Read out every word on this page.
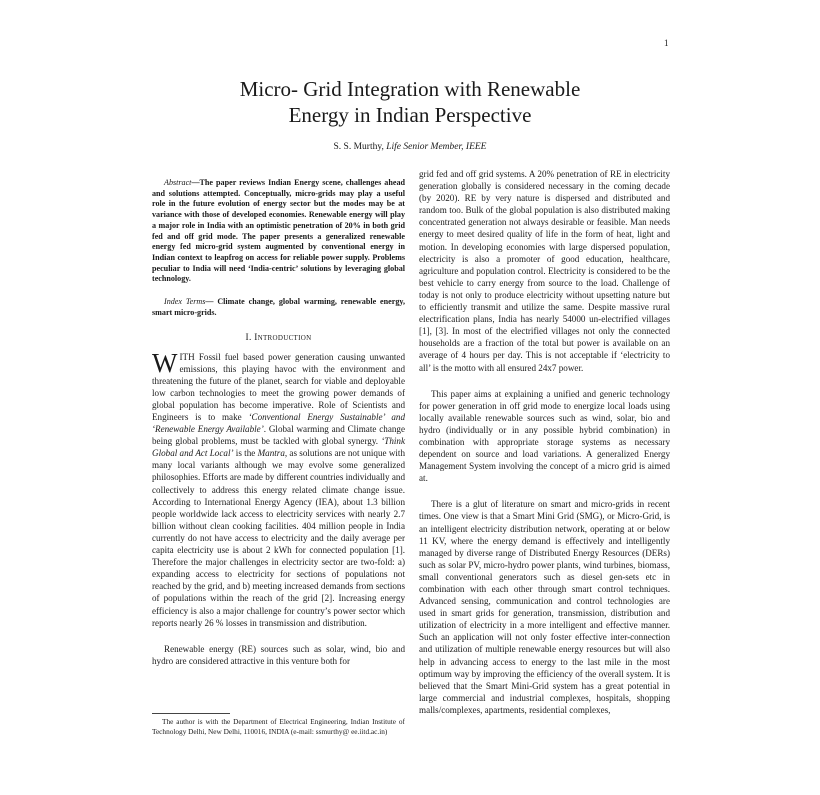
1
Micro- Grid Integration with Renewable
Energy in Indian Perspective
S. S. Murthy, Life Senior Member, IEEE

Abstract—The paper reviews Indian Energy scene, challenges ahead and solutions attempted. Conceptually, micro-grids may play a useful role in the future evolution of energy sector but the modes may be at variance with those of developed economies. Renewable energy will play a major role in India with an optimistic penetration of 20% in both grid fed and off grid mode. The paper presents a generalized renewable energy fed micro-grid system augmented by conventional energy in Indian context to leapfrog on access for reliable power supply. Problems peculiar to India will need ‘India-centric’ solutions by leveraging global technology.

Index Terms— Climate change, global warming, renewable energy, smart micro-grids.

I. Introduction

WITH Fossil fuel based power generation causing unwanted emissions, this playing havoc with the environment and threatening the future of the planet, search for viable and deployable low carbon technologies to meet the growing power demands of global population has become imperative. Role of Scientists and Engineers is to make ‘Conventional Energy Sustainable’ and ‘Renewable Energy Available’. Global warming and Climate change being global problems, must be tackled with global synergy. ‘Think Global and Act Local’ is the Mantra, as solutions are not unique with many local variants although we may evolve some generalized philosophies. Efforts are made by different countries individually and collectively to address this energy related climate change issue. According to International Energy Agency (IEA), about 1.3 billion people worldwide lack access to electricity services with nearly 2.7 billion without clean cooking facilities. 404 million people in India currently do not have access to electricity and the daily average per capita electricity use is about 2 kWh for connected population [1]. Therefore the major challenges in electricity sector are two-fold: a) expanding access to electricity for sections of populations not reached by the grid, and b) meeting increased demands from sections of populations within the reach of the grid [2]. Increasing energy efficiency is also a major challenge for country’s power sector which reports nearly 26 % losses in transmission and distribution.

Renewable energy (RE) sources such as solar, wind, bio and hydro are considered attractive in this venture both for

The author is with the Department of Electrical Engineering, Indian Institute of Technology Delhi, New Delhi, 110016, INDIA (e-mail: ssmurthy@ ee.iitd.ac.in)

grid fed and off grid systems. A 20% penetration of RE in electricity generation globally is considered necessary in the coming decade (by 2020). RE by very nature is dispersed and distributed and random too. Bulk of the global population is also distributed making concentrated generation not always desirable or feasible. Man needs energy to meet desired quality of life in the form of heat, light and motion. In developing economies with large dispersed population, electricity is also a promoter of good education, healthcare, agriculture and population control. Electricity is considered to be the best vehicle to carry energy from source to the load. Challenge of today is not only to produce electricity without upsetting nature but to efficiently transmit and utilize the same. Despite massive rural electrification plans, India has nearly 54000 un-electrified villages [1], [3]. In most of the electrified villages not only the connected households are a fraction of the total but power is available on an average of 4 hours per day. This is not acceptable if ‘electricity to all’ is the motto with all ensured 24x7 power.

This paper aims at explaining a unified and generic technology for power generation in off grid mode to energize local loads using locally available renewable sources such as wind, solar, bio and hydro (individually or in any possible hybrid combination) in combination with appropriate storage systems as necessary dependent on source and load variations. A generalized Energy Management System involving the concept of a micro grid is aimed at.

There is a glut of literature on smart and micro-grids in recent times. One view is that a Smart Mini Grid (SMG), or Micro-Grid, is an intelligent electricity distribution network, operating at or below 11 KV, where the energy demand is effectively and intelligently managed by diverse range of Distributed Energy Resources (DERs) such as solar PV, micro-hydro power plants, wind turbines, biomass, small conventional generators such as diesel gen-sets etc in combination with each other through smart control techniques. Advanced sensing, communication and control technologies are used in smart grids for generation, transmission, distribution and utilization of electricity in a more intelligent and effective manner. Such an application will not only foster effective inter-connection and utilization of multiple renewable energy resources but will also help in advancing access to energy to the last mile in the most optimum way by improving the efficiency of the overall system. It is believed that the Smart Mini-Grid system has a great potential in large commercial and industrial complexes, hospitals, shopping malls/complexes, apartments, residential complexes,
